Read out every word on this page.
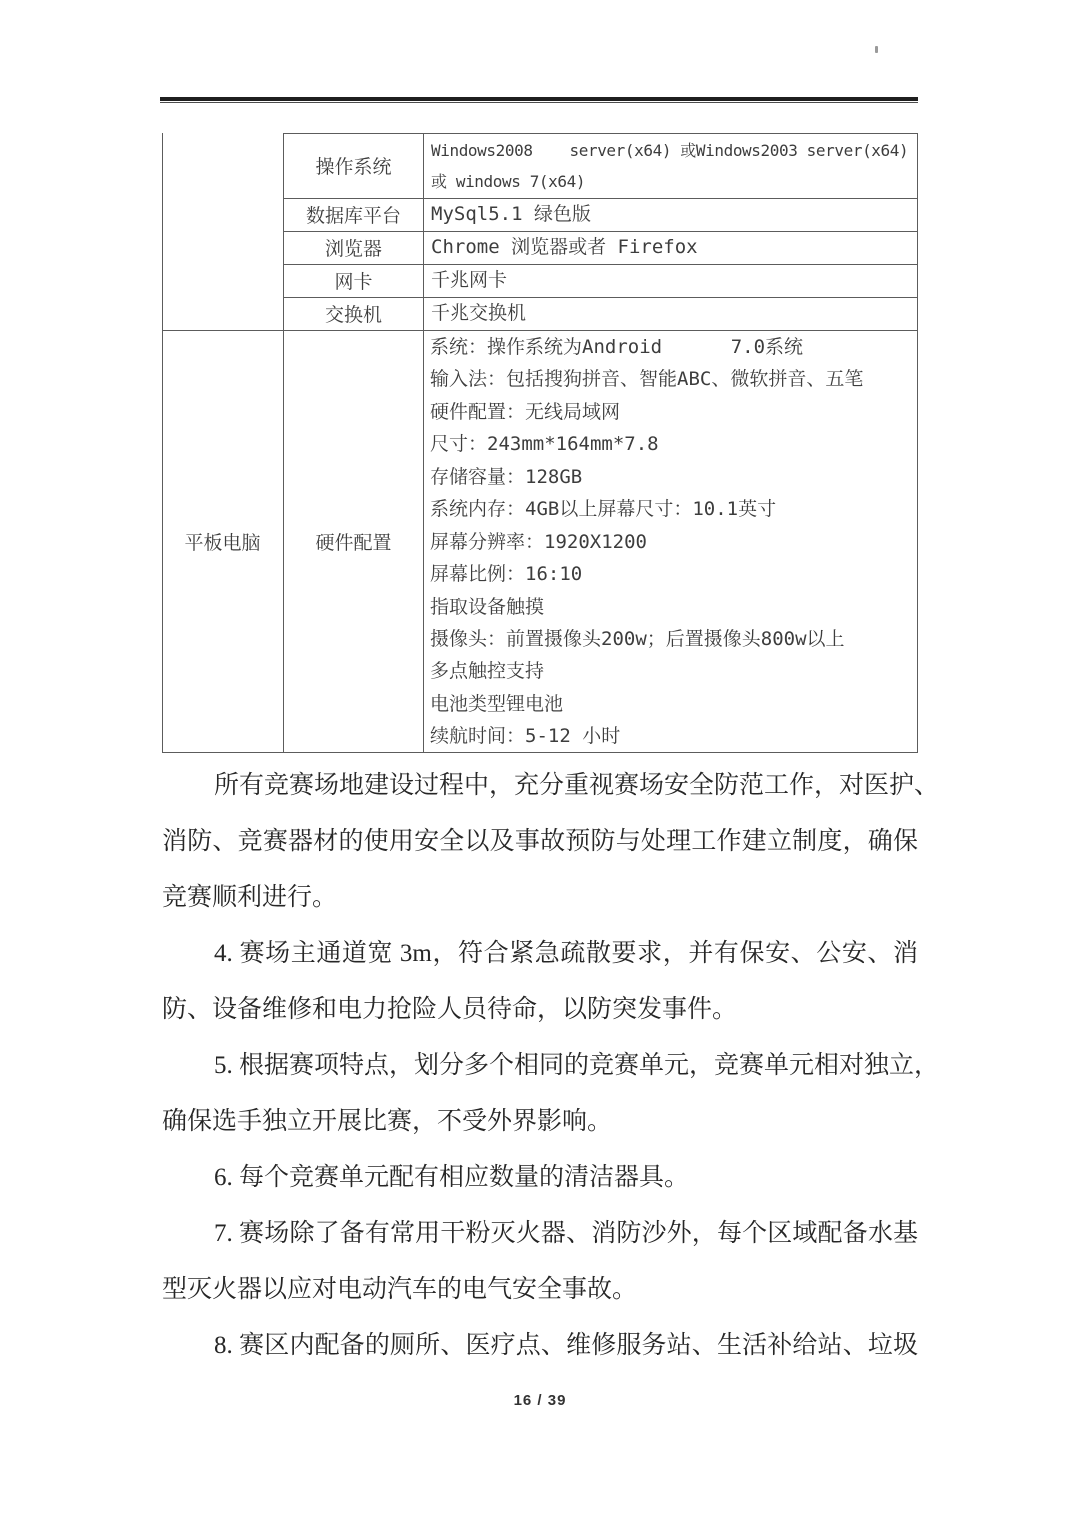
操作系统
数据库平台
浏览器
网卡
交换机
Windows2008    server(x64) 或Windows2003 server(x64)
或 windows 7(x64)
MySql5.1 绿色版
Chrome 浏览器或者 Firefox
千兆网卡
千兆交换机
平板电脑	硬件配置
系统：操作系统为Android      7.0系统
输入法：包括搜狗拼音、智能ABC、微软拼音、五笔
硬件配置：无线局域网
尺寸：243mm*164mm*7.8
存储容量：128GB
系统内存：4GB以上屏幕尺寸：10.1英寸
屏幕分辨率：1920X1200
屏幕比例：16:10
指取设备触摸
摄像头：前置摄像头200w；后置摄像头800w以上
多点触控支持
电池类型锂电池
续航时间：5-12 小时
所有竞赛场地建设过程中，充分重视赛场安全防范工作，对医护、
消防、竞赛器材的使用安全以及事故预防与处理工作建立制度，确保
竞赛顺利进行。
4. 赛场主通道宽 3m，符合紧急疏散要求，并有保安、公安、消
防、设备维修和电力抢险人员待命，以防突发事件。
5. 根据赛项特点，划分多个相同的竞赛单元，竞赛单元相对独立，
确保选手独立开展比赛，不受外界影响。
6. 每个竞赛单元配有相应数量的清洁器具。
7. 赛场除了备有常用干粉灭火器、消防沙外，每个区域配备水基
型灭火器以应对电动汽车的电气安全事故。
8. 赛区内配备的厕所、医疗点、维修服务站、生活补给站、垃圾
16 / 39
